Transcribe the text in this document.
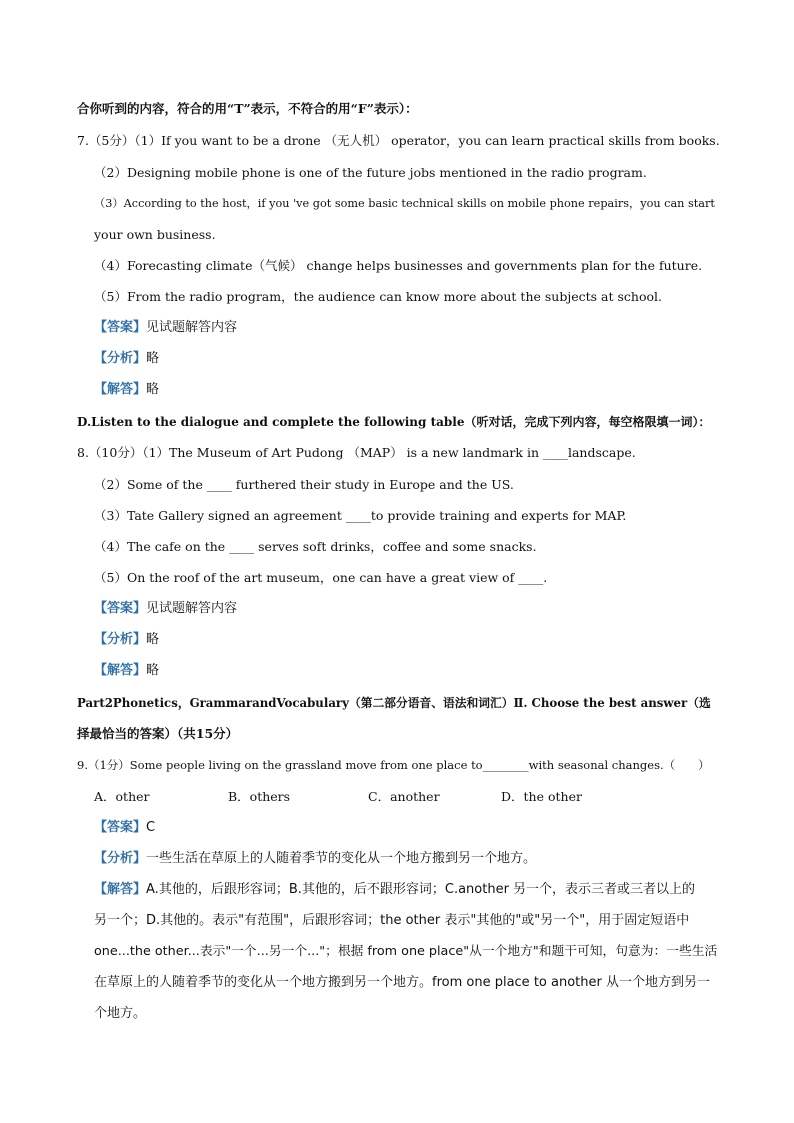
合你听到的内容，符合的用“T”表示，不符合的用“F”表示）：
7.（5分）（1）If you want to be a drone （无人机） operator，you can learn practical skills from books.
（2）Designing mobile phone is one of the future jobs mentioned in the radio program.
（3）According to the host，if you 've got some basic technical skills on mobile phone repairs，you can start
your own business.
（4）Forecasting climate（气候） change helps businesses and governments plan for the future.
（5）From the radio program，the audience can know more about the subjects at school.
【答案】见试题解答内容
【分析】略
【解答】略
D.Listen to the dialogue and complete the following table（听对话，完成下列内容，每空格限填一词）：
8.（10分）（1）The Museum of Art Pudong （MAP） is a new landmark in ____landscape.
（2）Some of the ____ furthered their study in Europe and the US.
（3）Tate Gallery signed an agreement ____to provide training and experts for MAP.
（4）The cafe on the ____ serves soft drinks，coffee and some snacks.
（5）On the roof of the art museum，one can have a great view of ____.
【答案】见试题解答内容
【分析】略
【解答】略
Part2Phonetics，GrammarandVocabulary（第二部分语音、语法和词汇）Ⅱ. Choose the best answer（选
择最恰当的答案）（共15分）
9.（1分）Some people living on the grassland move from one place to________with seasonal changes.（　　）
A．other	B．others	C．another	D．the other
【答案】C
【分析】一些生活在草原上的人随着季节的变化从一个地方搬到另一个地方。
【解答】A.其他的，后跟形容词；B.其他的，后不跟形容词；C.another 另一个，表示三者或三者以上的
另一个；D.其他的。表示"有范围"，后跟形容词；the other 表示"其他的"或"另一个"，用于固定短语中
one...the other...表示"一个...另一个..."；根据 from one place"从一个地方"和题干可知，句意为：一些生活
在草原上的人随着季节的变化从一个地方搬到另一个地方。from one place to another 从一个地方到另一
个地方。
